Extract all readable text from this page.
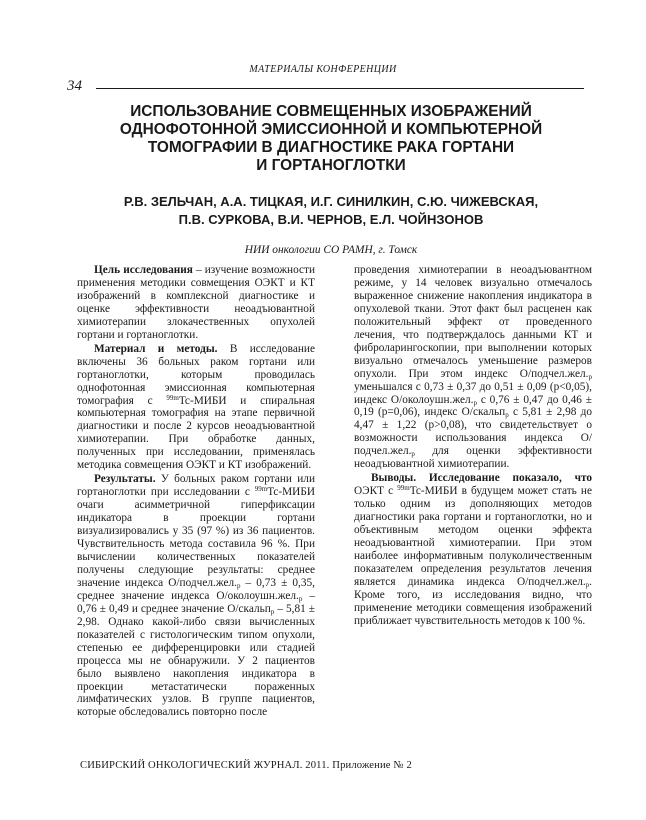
МАТЕРИАЛЫ КОНФЕРЕНЦИИ
34
ИСПОЛЬЗОВАНИЕ СОВМЕЩЕННЫХ ИЗОБРАЖЕНИЙ
ОДНОФОТОННОЙ ЭМИССИОННОЙ И КОМПЬЮТЕРНОЙ
ТОМОГРАФИИ В ДИАГНОСТИКЕ РАКА ГОРТАНИ
И ГОРТАНОГЛОТКИ
Р.В. ЗЕЛЬЧАН, А.А. ТИЦКАЯ, И.Г. СИНИЛКИН, С.Ю. ЧИЖЕВСКАЯ,
П.В. СУРКОВА, В.И. ЧЕРНОВ, Е.Л. ЧОЙНЗОНОВ
НИИ онкологии СО РАМН, г. Томск

Цель исследования – изучение возможности применения методики совмещения ОЭКТ и КТ изображений в комплексной диагностике и оценке эффективности неоадъювантной химиотерапии злокачественных опухолей гортани и гортаноглотки.

Материал и методы. В исследование включены 36 больных раком гортани или гортаноглотки, которым проводилась однофотонная эмиссионная компьютерная томография с $^{99m}$Tc-МИБИ и спиральная компьютерная томография на этапе первичной диагностики и после 2 курсов неоадъювантной химиотерапии. При обработке данных, полученных при исследовании, применялась методика совмещения ОЭКТ и КТ изображений.

Результаты. У больных раком гортани или гортаноглотки при исследовании с $^{99m}$Tc-МИБИ очаги асимметричной гиперфиксации индикатора в проекции гортани визуализировались у 35 (97 %) из 36 пациентов. Чувствительность метода составила 96 %. При вычислении количественных показателей получены следующие результаты: среднее значение индекса $О/подчел.жел._р - 0,73 \pm 0,35$, среднее значение индекса $О/околоушн.жел._р - 0,76 \pm 0,49$ и среднее значение О/скальп$_р$ – 5,81 ± 2,98. Однако какой-либо связи вычисленных показателей с гистологическим типом опухоли, степенью ее дифференцировки или стадией процесса мы не обнаружили. У 2 пациентов было выявлено накопления индикатора в проекции метастатически пораженных лимфатических узлов. В группе пациентов, которые обследовались повторно после

проведения химиотерапии в неоадъювантном режиме, у 14 человек визуально отмечалось выраженное снижение накопления индикатора в опухолевой ткани. Этот факт был расценен как положительный эффект от проведенного лечения, что подтверждалось данными КТ и фиброларингоскопии, при выполнении которых визуально отмечалось уменьшение размеров опухоли. При этом индекс $О/подчел.жел._р$ уменьшался с 0,73 ± 0,37 до 0,51 ± 0,09 (p<0,05), индекс $О/околоушн.жел._р$ с 0,76 ± 0,47 до 0,46 ± 0,19 (p=0,06), индекс О/скальп$_р$ с 5,81 ± 2,98 до 4,47 ± 1,22 (p>0,08), что свидетельствует о возможности использования индекса $О/подчел.жел._р$ для оценки эффективности неоадъювантной химиотерапии.

Выводы. Исследование показало, что ОЭКТ с $^{99m}$Tc-МИБИ в будущем может стать не только одним из дополняющих методов диагностики рака гортани и гортаноглотки, но и объективным методом оценки эффекта неоадъювантной химиотерапии. При этом наиболее информативным полуколичественным показателем определения результатов лечения является динамика индекса $О/подчел.жел._р$. Кроме того, из исследования видно, что применение методики совмещения изображений приближает чувствительность методов к 100 %.

СИБИРСКИЙ ОНКОЛОГИЧЕСКИЙ ЖУРНАЛ. 2011. Приложение № 2
